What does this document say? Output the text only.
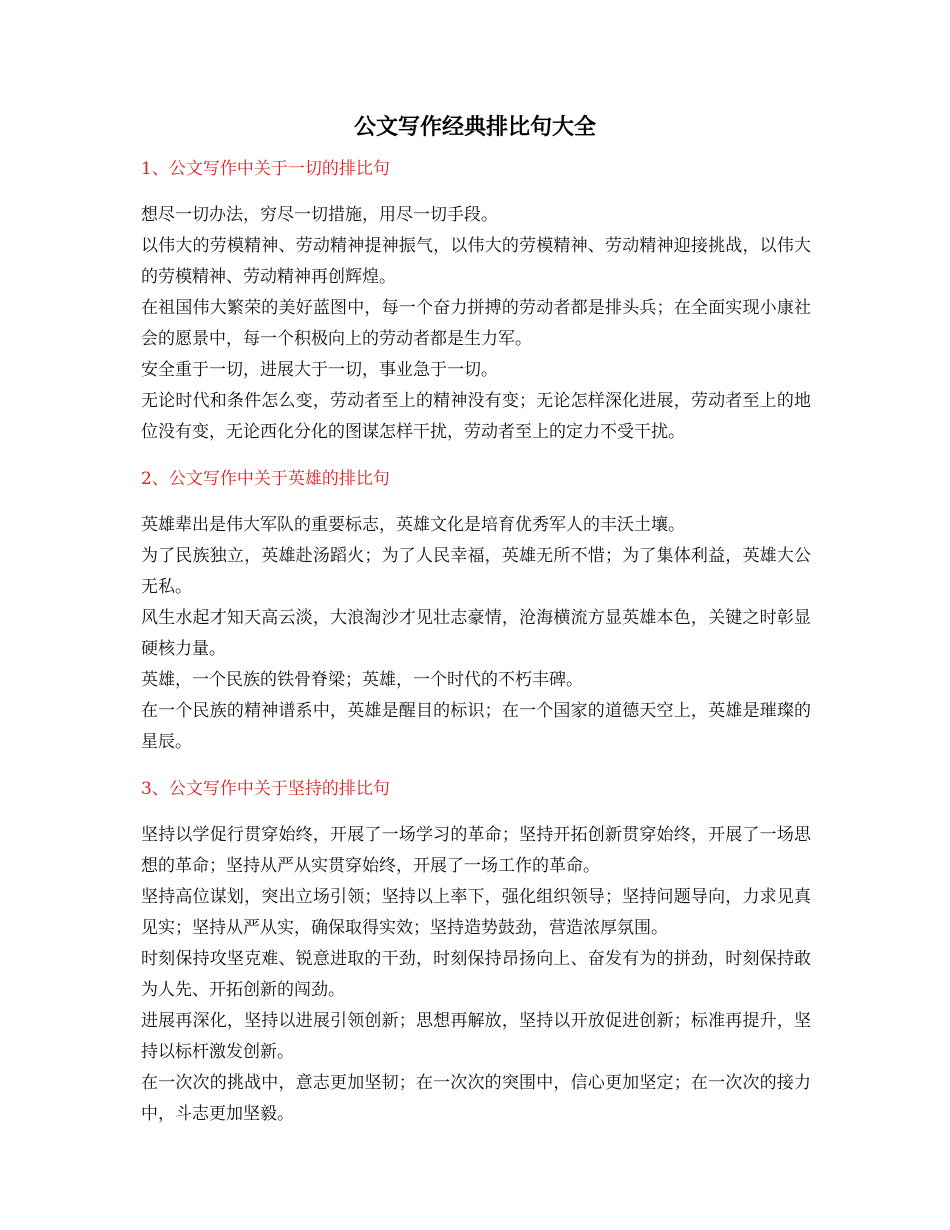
公文写作经典排比句大全
1、公文写作中关于一切的排比句

想尽一切办法，穷尽一切措施，用尽一切手段。

以伟大的劳模精神、劳动精神提神振气，以伟大的劳模精神、劳动精神迎接挑战，以伟大的劳模精神、劳动精神再创辉煌。

在祖国伟大繁荣的美好蓝图中，每一个奋力拼搏的劳动者都是排头兵；在全面实现小康社会的愿景中，每一个积极向上的劳动者都是生力军。

安全重于一切，进展大于一切，事业急于一切。

无论时代和条件怎么变，劳动者至上的精神没有变；无论怎样深化进展，劳动者至上的地位没有变，无论西化分化的图谋怎样干扰，劳动者至上的定力不受干扰。

2、公文写作中关于英雄的排比句

英雄辈出是伟大军队的重要标志，英雄文化是培育优秀军人的丰沃土壤。

为了民族独立，英雄赴汤蹈火；为了人民幸福，英雄无所不惜；为了集体利益，英雄大公无私。

风生水起才知天高云淡，大浪淘沙才见壮志豪情，沧海横流方显英雄本色，关键之时彰显硬核力量。

英雄，一个民族的铁骨脊梁；英雄，一个时代的不朽丰碑。

在一个民族的精神谱系中，英雄是醒目的标识；在一个国家的道德天空上，英雄是璀璨的星辰。

3、公文写作中关于坚持的排比句

坚持以学促行贯穿始终，开展了一场学习的革命；坚持开拓创新贯穿始终，开展了一场思想的革命；坚持从严从实贯穿始终，开展了一场工作的革命。

坚持高位谋划，突出立场引领；坚持以上率下，强化组织领导；坚持问题导向，力求见真见实；坚持从严从实，确保取得实效；坚持造势鼓劲，营造浓厚氛围。

时刻保持攻坚克难、锐意进取的干劲，时刻保持昂扬向上、奋发有为的拼劲，时刻保持敢为人先、开拓创新的闯劲。

进展再深化，坚持以进展引领创新；思想再解放，坚持以开放促进创新；标准再提升，坚持以标杆激发创新。

在一次次的挑战中，意志更加坚韧；在一次次的突围中，信心更加坚定；在一次次的接力中，斗志更加坚毅。
